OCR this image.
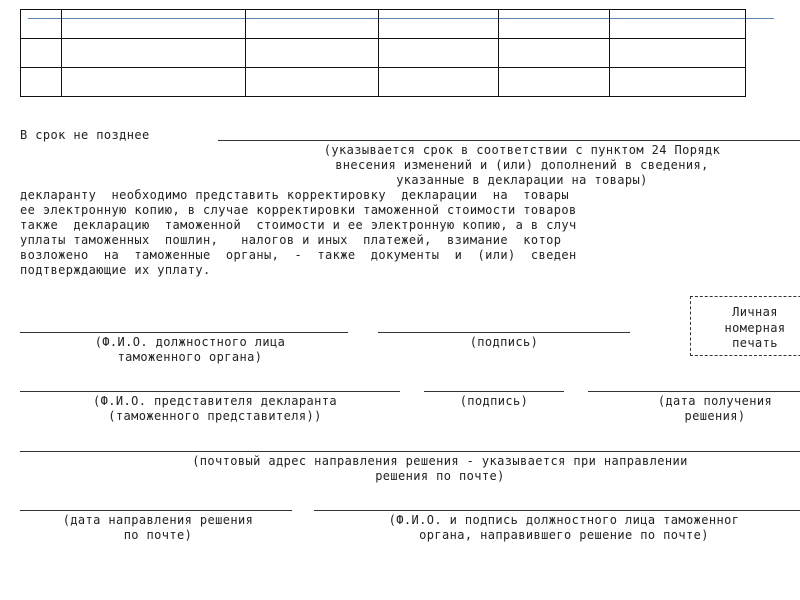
В срок не позднее
(указывается срок в соответствии с пунктом 24 Порядк
внесения изменений и (или) дополнений в сведения,
указанные в декларации на товары)
декларанту  необходимо представить корректировку  декларации  на  товары
ее электронную копию, в случае корректировки таможенной стоимости товаров
также  декларацию  таможенной  стоимости и ее электронную копию, а в случ
уплаты таможенных  пошлин,   налогов и иных  платежей,  взимание  котор
возложено  на  таможенные  органы,  -  также  документы  и  (или)  сведен
подтверждающие их уплату.
(Ф.И.О. должностного лица
таможенного органа)
(подпись)
Личная
номерная
печать
(Ф.И.О. представителя декларанта
(таможенного представителя))
(подпись)	(дата получения
решения)
(почтовый адрес направления решения - указывается при направлении
решения по почте)
(дата направления решения
по почте)
(Ф.И.О. и подпись должностного лица таможенног
органа, направившего решение по почте)
